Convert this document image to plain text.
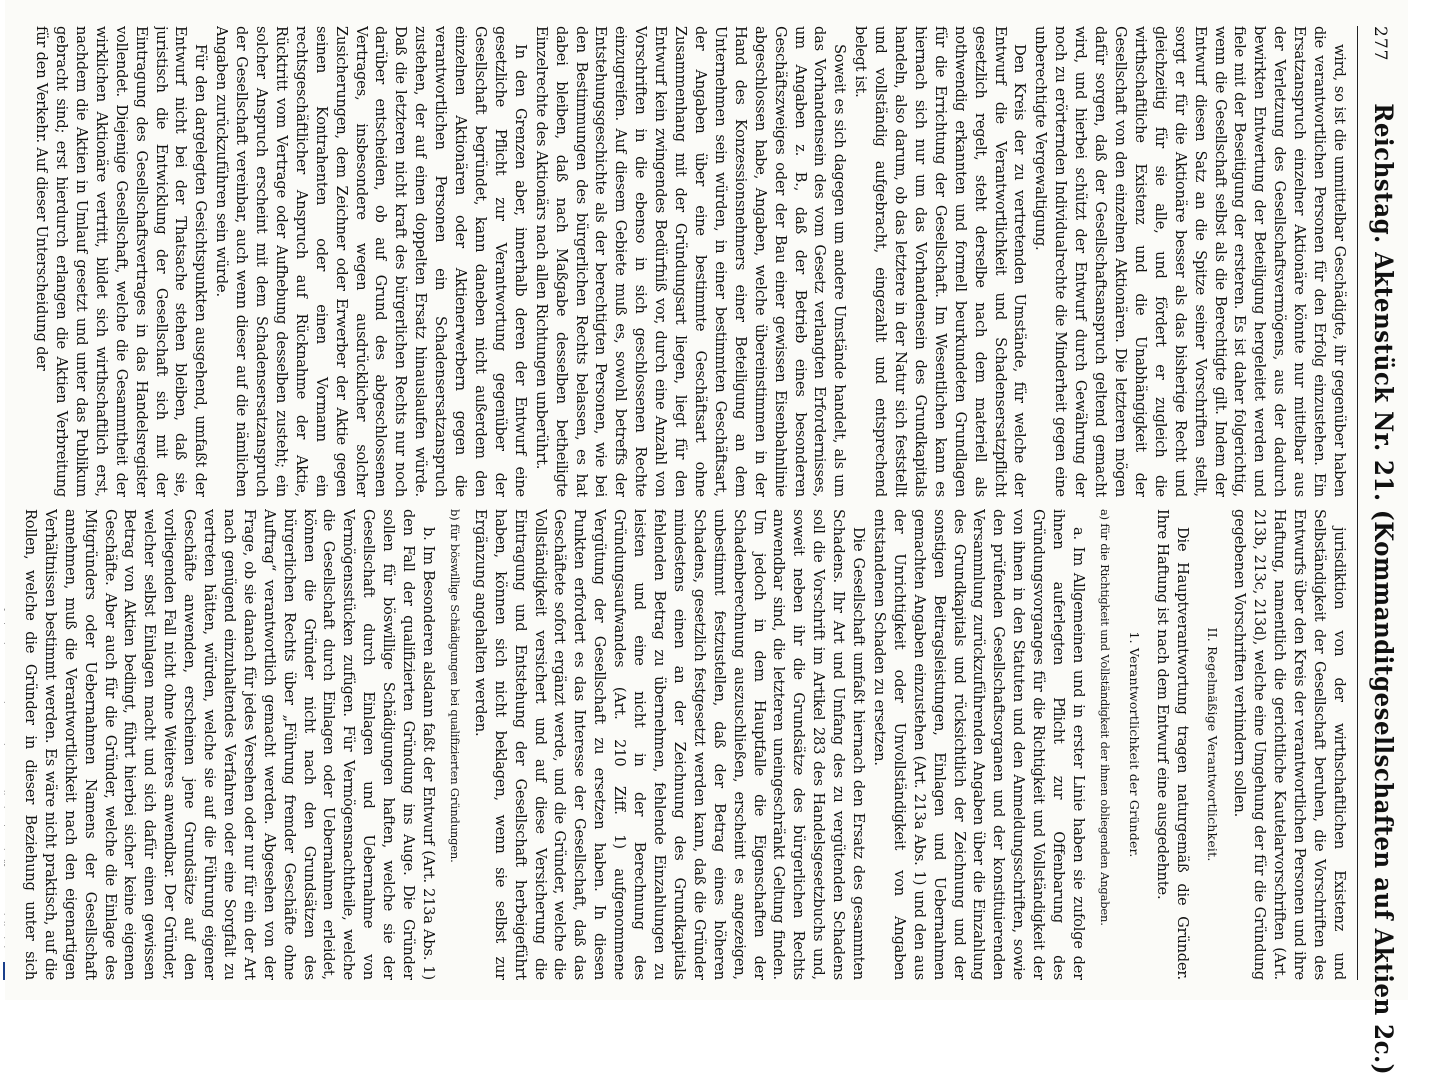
277
Reichstag. Aktenstück Nr. 21. (Kommanditgesellschaften auf Aktien 2c.)

wird, so ist die unmittelbar Geschädigte, ihr gegenüber haben die verantwortlichen Personen für den Erfolg einzustehen. Ein Ersatzanspruch einzelner Aktionäre könnte nur mittelbar aus der Verletzung des Gesellschaftsvermögens, aus der dadurch bewirkten Entwertung der Beteiligung hergeleitet werden und fiele mit der Beseitigung der ersteren. Es ist daher folgerichtig, wenn die Gesellschaft selbst als die Berechtigte gilt. Indem der Entwurf diesen Satz an die Spitze seiner Vorschriften stellt, sorgt er für die Aktionäre besser als das bisherige Recht und gleichzeitig für sie alle, und fördert er zugleich die wirthschaftliche Existenz und die Unabhängigkeit der Gesellschaft von den einzelnen Aktionären. Die letzteren mögen dafür sorgen, daß der Gesellschaftsanspruch geltend gemacht wird, und hierbei schützt der Entwurf durch Gewährung der noch zu erörternden Individualrechte die Minderheit gegen eine unberechtigte Vergewaltigung.

Den Kreis der zu vertretenden Umstände, für welche der Entwurf die Verantwortlichkeit und Schadensersatzpflicht gesetzlich regelt, steht derselbe nach dem materiell als nothwendig erkannten und formell beurkundeten Grundlagen für die Errichtung der Gesellschaft. Im Wesentlichen kann es hiernach sich nur um das Vorhandensein des Grundkapitals handeln, also darum, ob das letztere in der Natur sich feststellt und vollständig aufgebracht, eingezahlt und entsprechend belegt ist.

Soweit es sich dagegen um andere Umstände handelt, als um das Vorhandensein des vom Gesetz verlangten Erfordernisses, um Angaben z. B., daß der Betrieb eines besonderen Geschäftszweiges oder der Bau einer gewissen Eisenbahnlinie abgeschlossen habe, Angaben, welche übereinstimmen in der Hand des Konzessionsnehmers einer Beteiligung an dem Unternehmen sein würden, in einer bestimmten Geschäftsart, der Angaben über eine bestimmte Geschäftsart ohne Zusammenhang mit der Gründungsart liegen, liegt für den Entwurf kein zwingendes Bedürfniß vor, durch eine Anzahl von Vorschriften in die ebenso in sich geschlossenen Rechte einzugreifen. Auf diesem Gebiete muß es, sowohl betreffs der Entstehungsgeschichte als der berechtigten Personen, wie bei den Bestimmungen des bürgerlichen Rechts belassen, es hat dabei bleiben, daß nach Maßgabe desselben betheiligte Einzelrechte des Aktionärs nach allen Richtungen unberührt.

In den Grenzen aber, innerhalb deren der Entwurf eine gesetzliche Pflicht zur Verantwortung gegenüber der Gesellschaft begründet, kann daneben nicht außerdem den einzelnen Aktionären oder Aktienerwerbern gegen die verantwortlichen Personen ein Schadensersatzanspruch zustehen, der auf einen doppelten Ersatz hinauslaufen würde. Daß die letzteren nicht kraft des bürgerlichen Rechts nur noch darüber entscheiden, ob auf Grund des abgeschlossenen Vertrages, insbesondere wegen ausdrücklicher solcher Zusicherungen, dem Zeichner oder Erwerber der Aktie gegen seinen Kontrahenten oder einen Vormann ein rechtsgeschäftlicher Anspruch auf Rücknahme der Aktie, Rücktritt vom Vertrage oder Aufhebung desselben zusteht; ein solcher Anspruch erscheint mit dem Schadensersatzanspruch der Gesellschaft vereinbar, auch wenn dieser auf die nämlichen Angaben zurückzuführen sein würde.

Für den dargelegten Gesichtspunkten ausgehend, umfaßt der Entwurf nicht bei der Thatsache stehen bleiben, daß sie, juristisch die Entwicklung der Gesellschaft sich mit der Eintragung des Gesellschaftsvertrages in das Handelsregister vollendet. Diejenige Gesellschaft, welche die Gesammtheit der wirklichen Aktionäre vertritt, bildet sich wirthschaftlich erst, nachdem die Aktien in Umlauf gesetzt und unter das Publikum gebracht sind; erst hierdurch erlangen die Aktien Verbreitung für den Verkehr. Auf dieser Unterscheidung der

jurisdiktion von der wirthschaftlichen Existenz und Selbständigkeit der Gesellschaft beruhen, die Vorschriften des Entwurfs über den Kreis der verantwortlichen Personen und ihre Haftung, namentlich die gerichtliche Kautelarvorschriften (Art. 213b, 213c, 213d), welche eine Umgehung der für die Gründung gegebenen Vorschriften verhindern sollen.

II. Regelmäßige Verantwortlichkeit.

Die Hauptverantwortung tragen naturgemäß die Gründer. Ihre Haftung ist nach dem Entwurf eine ausgedehnte.

1. Verantwortlichkeit der Gründer.

a) für die Richtigkeit und Vollständigkeit der ihnen obliegenden Angaben.

a. Im Allgemeinen und in erster Linie haben sie zufolge der ihnen auferlegten Pflicht zur Offenbarung des Gründungsvorganges für die Richtigkeit und Vollständigkeit der von ihnen in den Statuten und den Anmeldungsschriften, sowie den prüfenden Gesellschaftsorganen und der konstituierenden Versammlung zurückzuführenden Angaben über die Einzahlung des Grundkapitals und rücksichtlich der Zeichnung und der sonstigen Beitragsleistungen, Einlagen und Uebernahmen gemachten Angaben einzustehen (Art. 213a Abs. 1) und den aus der Unrichtigkeit oder Unvollständigkeit von Angaben entstandenen Schaden zu ersetzen.

Die Gesellschaft umfaßt hiernach den Ersatz des gesammten Schadens. Ihr Art und Umfang des zu vergütenden Schadens soll die Vorschrift im Artikel 283 des Handelsgesetzbuchs und, soweit neben ihr die Grundsätze des bürgerlichen Rechts anwendbar sind, die letzteren uneingeschränkt Geltung finden. Um jedoch in dem Hauptfalle die Eigenschaften der Schadenberechnung auszuschließen, erscheint es angezeigen, unbestimmt festzustellen, daß der Betrag eines höheren Schadens, gesetzlich festgesetzt werden kann, daß die Gründer mindestens einen an der Zeichnung des Grundkapitals fehlenden Betrag zu übernehmen, fehlende Einzahlungen zu leisten und eine nicht in der Berechnung des Gründungsaufwandes (Art. 210 Ziff. 1) aufgenommene Vergütung der Gesellschaft zu ersetzen haben. In diesen Punkten erfordert es das Interesse der Gesellschaft, daß das Geschäftete sofort ergänzt werde, und die Gründer, welche die Vollständigkeit versichert und auf diese Versicherung die Eintragung und Entstehung der Gesellschaft herbeigeführt haben, können sich nicht beklagen, wenn sie selbst zur Ergänzung angehalten werden.

b) für böswillige Schädigungen bei qualifizierten Gründungen.

b. Im Besonderen alsdann faßt der Entwurf (Art. 213a Abs. 1) den Fall der qualifizierten Gründung ins Auge. Die Gründer sollen für böswillige Schädigungen haften, welche sie der Gesellschaft durch Einlagen und Uebernahme von Vermögensstücken zufügen. Für Vermögensnachtheile, welche die Gesellschaft durch Einlagen oder Uebernahmen erleidet, können die Gründer nicht nach den Grundsätzen des bürgerlichen Rechts über „Führung fremder Geschäfte ohne Auftrag“ verantwortlich gemacht werden. Abgesehen von der Frage, ob sie danach für jedes Versehen oder nur für ein der Art nach genügend einzuhaltendes Verfahren oder eine Sorgfalt zu vertreten hätten, würden, welche sie auf die Führung eigener Geschäfte anwenden, erscheinen jene Grundsätze auf den vorliegenden Fall nicht ohne Weiteres anwendbar. Der Gründer, welcher selbst Einlagen macht und sich dafür einen gewissen Betrag von Aktien bedingt, führt hierbei sicher keine eigenen Geschäfte. Aber auch für die Gründer, welche die Einlage des Mitgründers oder Uebernahmen Namens der Gesellschaft annehmen, muß die Verantwortlichkeit nach den eigenartigen Verhältnissen bestimmt werden. Es wäre nicht praktisch, auf die Rollen, welche die Gründer in dieser Beziehung unter sich
